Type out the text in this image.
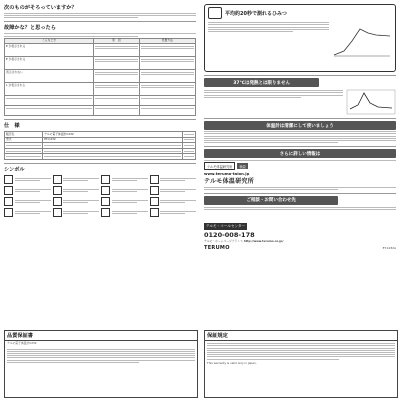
次のものがそろっていますか？
故障かな？と思ったら
こんなとき	原　因	処置方法
E が表示される	

E が表示される	

表示されない	

L が表示される	

仕　様
販売名	テルモ電子体温計C232	

型式	ET-C232	

シンボル
平均約20秒で測れるひみつ
37℃は発熱とは限りません
体温計は清潔にして使いましょう
さらに詳しい情報は
テルモ体温研究所	検索
www.terumo-taion.jp
テルモ体温研究所
ご相談・お問い合わせ先
テルモ・コールセンター
0120-008-178
テルモ・ホームページアドレス http://www.terumo.co.jp/
TERUMO	ET-C232A
品質保証書
テルモ電子体温計C232
保証規定
This warranty is valid only in Japan.
